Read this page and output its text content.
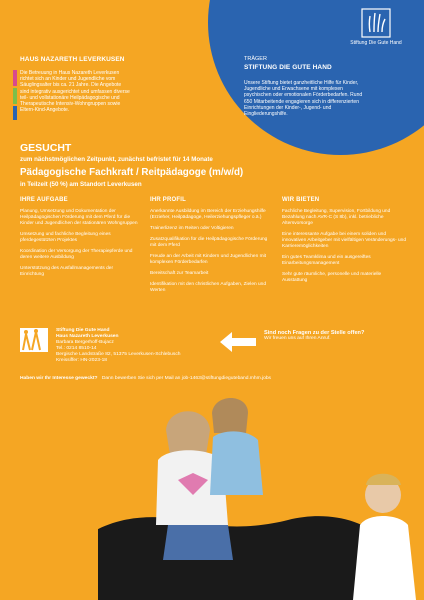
Stiftung Die Gute Hand
HAUS NAZARETH LEVERKUSEN
Die Betreuung in Haus Nazareth Leverkusen
richtet sich an Kinder und Jugendliche vom
Säuglingsalter bis ca. 21 Jahre. Die Angebote
sind integrativ ausgerichtet und umfassen diverse
teil- und vollstationäre Heilpädagogische und
Therapeutische Intensiv-Wohngruppen sowie
Eltern-Kind-Angebote.
TRÄGER
STIFTUNG DIE GUTE HAND
Unsere Stiftung bietet ganzheitliche Hilfe für Kinder,
Jugendliche und Erwachsene mit komplexen
psychischen oder emotionalen Förderbedarfen. Rund
650 Mitarbeitende engagieren sich in differenzierten
Einrichtungen der Kinder-, Jugend- und
Eingliederungshilfe.
GESUCHT
zum nächstmöglichen Zeitpunkt, zunächst befristet für 14 Monate
Pädagogische Fachkraft / Reitpädagoge (m/w/d)
in Teilzeit (50 %) am Standort Leverkusen
IHRE AUFGABE

Planung, Umsetzung und Dokumentation der Heilpädagogischen Förderung mit dem Pferd für die Kinder und Jugendlichen der stationären Wohngruppen

Umsetzung und fachliche Begleitung eines pferdegestützten Projektes

Koordination der Versorgung der Therapiepferde und deren weitere Ausbildung

Unterstützung des Ausfallmanagements der Einrichtung

IHR PROFIL

Anerkannte Ausbildung im Bereich der Erziehungshilfe (Erzieher, Heilpädagoge, Heilerziehungspfleger o.ä.)

Trainerlizenz im Reiten oder Voltigieren

Zusatzqualifikation für die Heilpädagogische Förderung mit dem Pferd

Freude an der Arbeit mit Kindern und Jugendlichen mit komplexen Förderbedarfen

Bereitschaft zur Teamarbeit

Identifikation mit den christlichen Aufgaben, Zielen und Werten

WIR BIETEN

Fachliche Begleitung, Supervision, Fortbildung und Bezahlung nach AVR-C (S 8b), inkl. betriebliche Altersvorsorge

Eine interessante Aufgabe bei einem soliden und innovativen Arbeitgeber mit vielfältigen Veränderungs- und Karrieremöglichkeiten

Ein gutes Teamklima und ein ausgereiftes Einarbeitungsmanagement

Sehr gute räumliche, personelle und materielle Ausstattung

Stiftung Die Gute Hand
Haus Nazareth Leverkusen
Barbara Bergerhoff-Bujacz
Tel.: 0214 8510-14
Bergische Landstraße 82, 51375 Leverkusen-Schlebusch
Kreissiffer: HN-2023-18
Sind noch Fragen zu der Stelle offen?
Wir freuen uns auf Ihren Anruf.
Haben wir Ihr Interesse geweckt? Dann bewerben Sie sich per Mail an job-1463@stiftungdieguteband.mhm.jobs
